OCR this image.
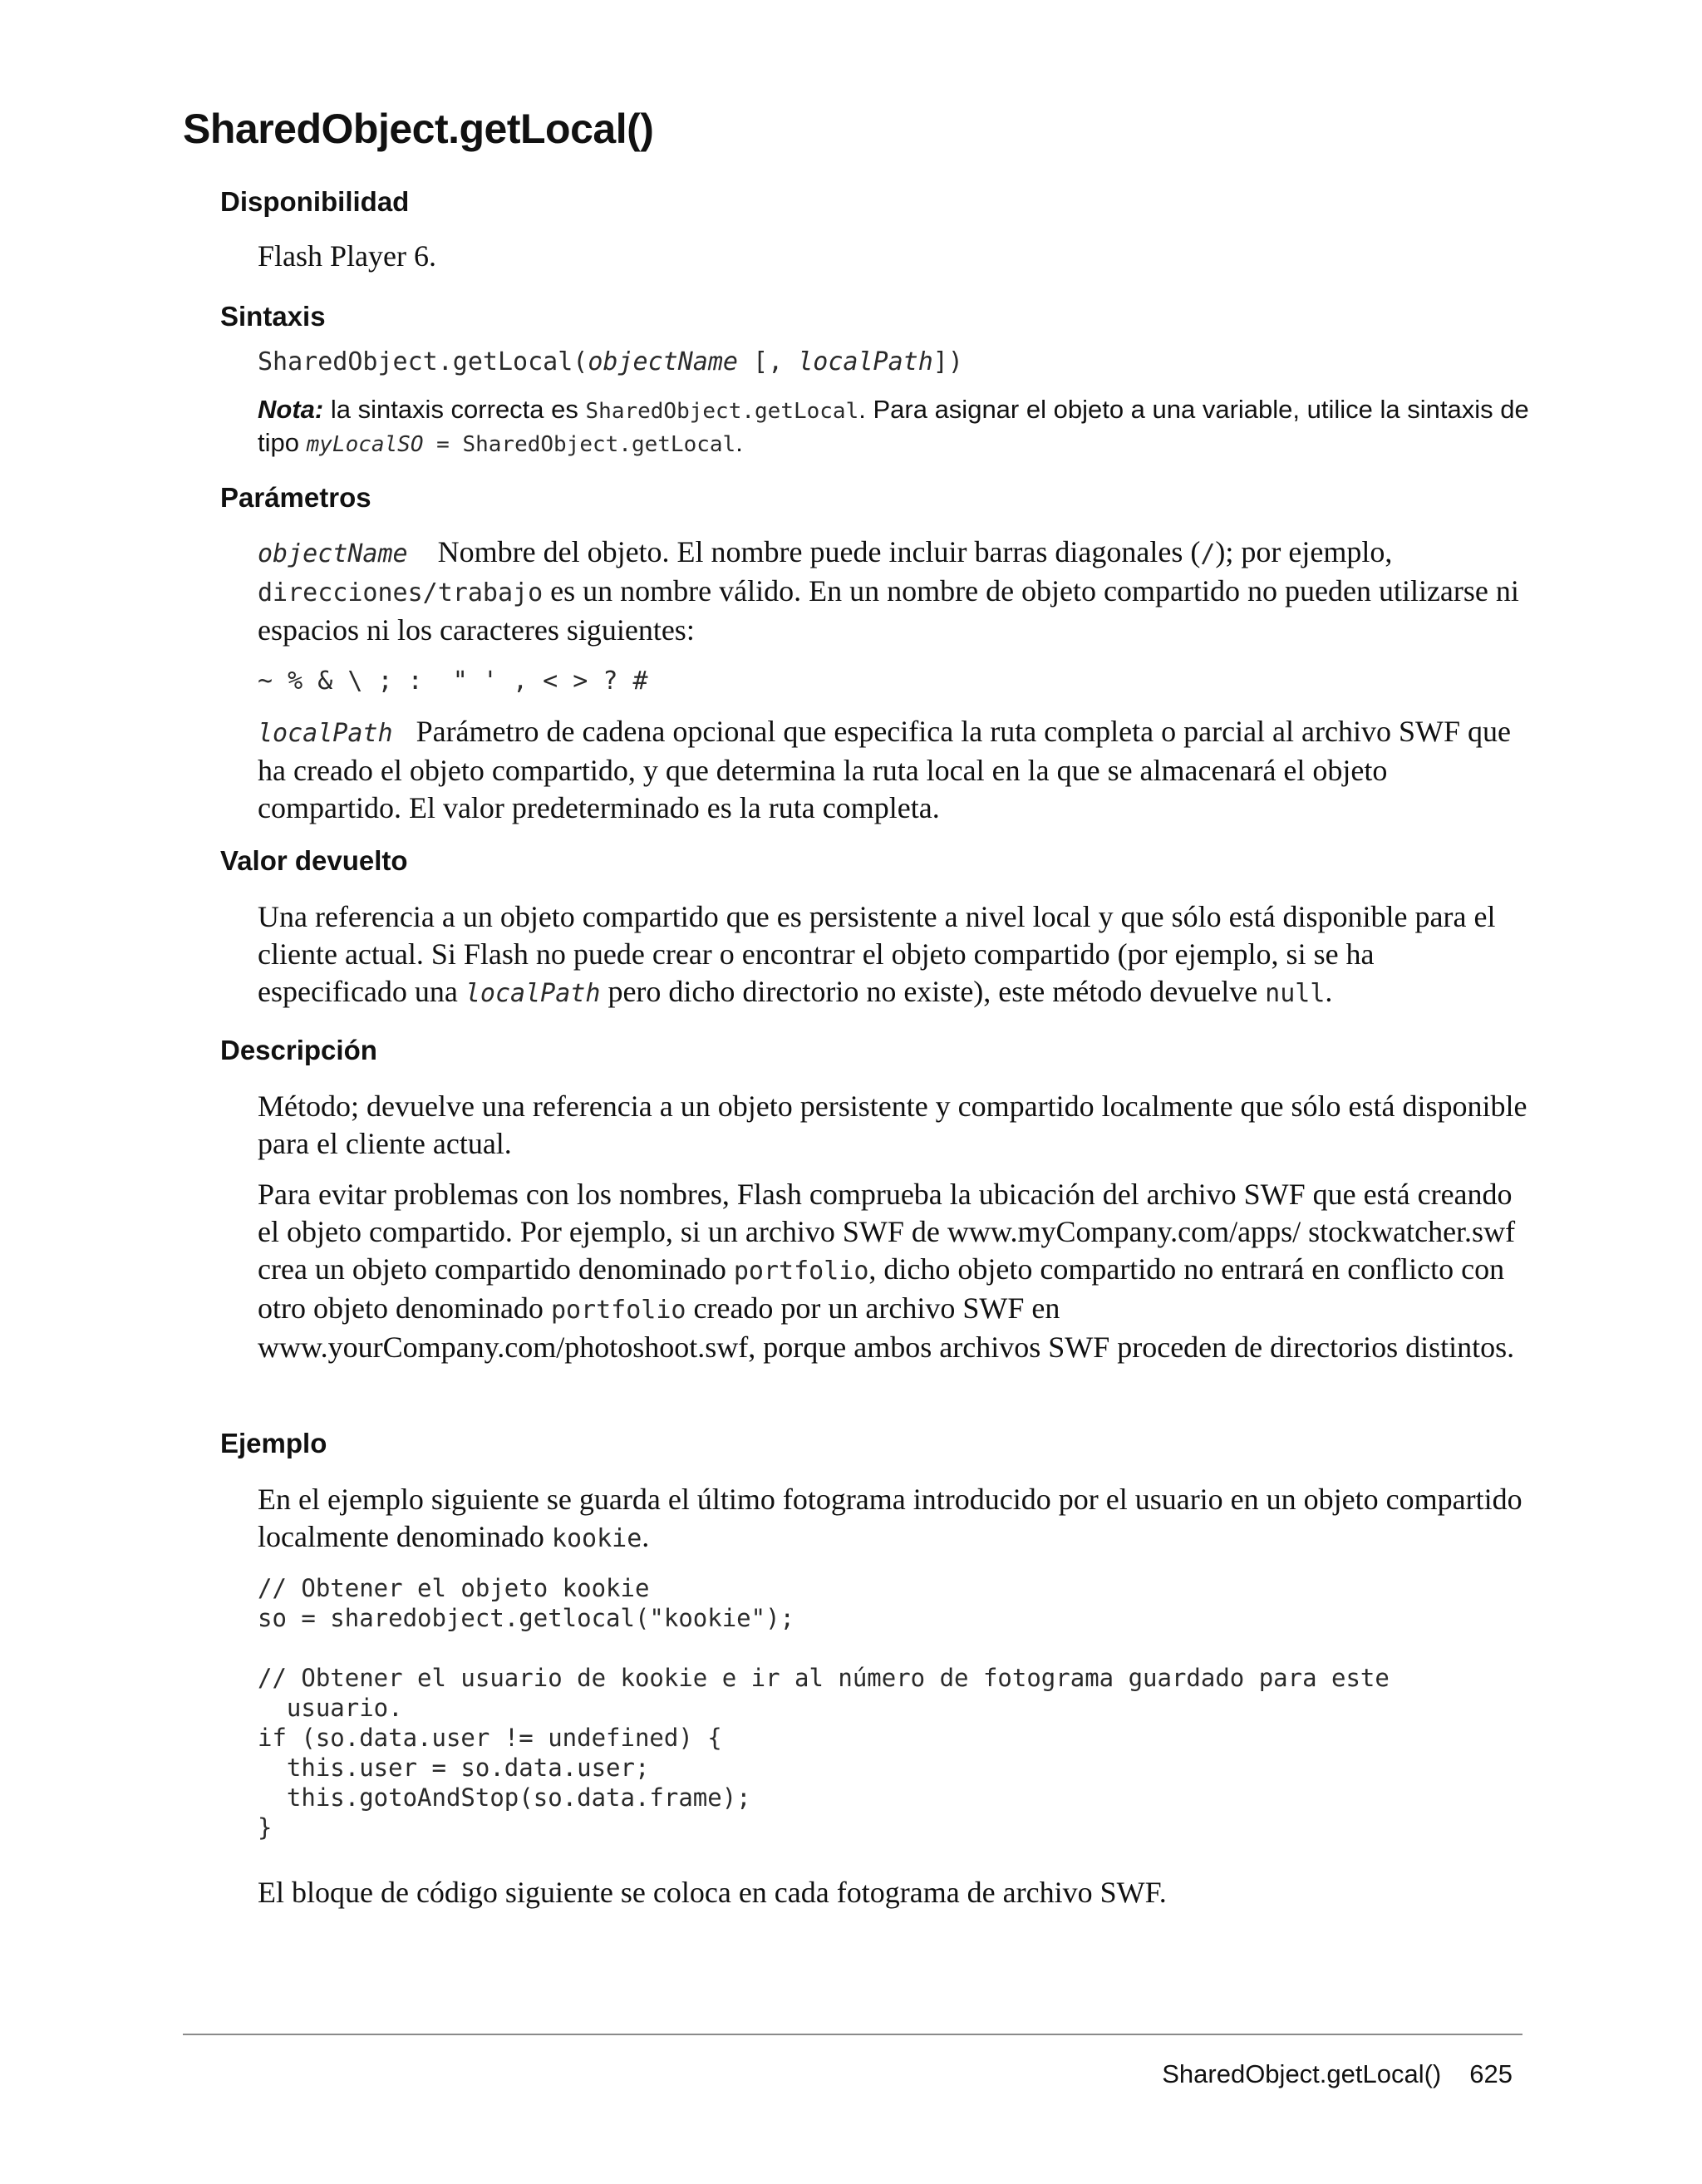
SharedObject.getLocal()
Disponibilidad

Flash Player 6.

Sintaxis

SharedObject.getLocal(objectName [, localPath])

Nota: la sintaxis correcta es SharedObject.getLocal. Para asignar el objeto a una variable, utilice la sintaxis de tipo myLocalSO = SharedObject.getLocal.

Parámetros

objectName Nombre del objeto. El nombre puede incluir barras diagonales (/); por ejemplo, direcciones/trabajo es un nombre válido. En un nombre de objeto compartido no pueden utilizarse ni espacios ni los caracteres siguientes:

~ % & \ ; :  " ' , < > ? #

localPath Parámetro de cadena opcional que especifica la ruta completa o parcial al archivo SWF que ha creado el objeto compartido, y que determina la ruta local en la que se almacenará el objeto compartido. El valor predeterminado es la ruta completa.

Valor devuelto

Una referencia a un objeto compartido que es persistente a nivel local y que sólo está disponible para el cliente actual. Si Flash no puede crear o encontrar el objeto compartido (por ejemplo, si se ha especificado una localPath pero dicho directorio no existe), este método devuelve null.

Descripción

Método; devuelve una referencia a un objeto persistente y compartido localmente que sólo está disponible para el cliente actual.

Para evitar problemas con los nombres, Flash comprueba la ubicación del archivo SWF que está creando el objeto compartido. Por ejemplo, si un archivo SWF de www.myCompany.com/apps/ stockwatcher.swf crea un objeto compartido denominado portfolio, dicho objeto compartido no entrará en conflicto con otro objeto denominado portfolio creado por un archivo SWF en www.yourCompany.com/photoshoot.swf, porque ambos archivos SWF proceden de directorios distintos.

Ejemplo

En el ejemplo siguiente se guarda el último fotograma introducido por el usuario en un objeto compartido localmente denominado kookie.

// Obtener el objeto kookie

so = sharedobject.getlocal("kookie");

// Obtener el usuario de kookie e ir al número de fotograma guardado para este

usuario.

if (so.data.user != undefined) {

this.user = so.data.user;

this.gotoAndStop(so.data.frame);

}

El bloque de código siguiente se coloca en cada fotograma de archivo SWF.

SharedObject.getLocal() 625
